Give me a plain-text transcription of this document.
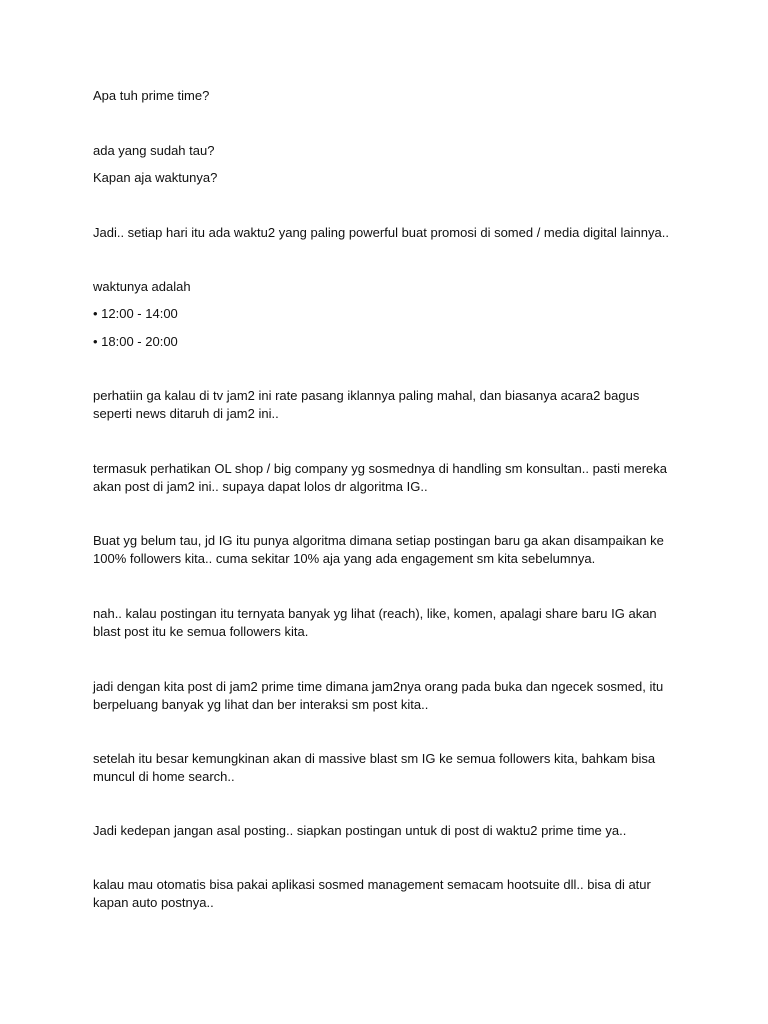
Apa tuh prime time?
ada yang sudah tau?
Kapan aja waktunya?
Jadi.. setiap hari itu ada waktu2 yang paling powerful buat promosi di somed / media digital lainnya..
waktunya adalah
• 12:00 - 14:00
• 18:00 - 20:00
perhatiin ga kalau di tv jam2 ini rate pasang iklannya paling mahal, dan biasanya acara2 bagus
seperti news ditaruh di jam2 ini..
termasuk perhatikan OL shop / big company yg sosmednya di handling sm konsultan.. pasti mereka
akan post di jam2 ini.. supaya dapat lolos dr algoritma IG..
Buat yg belum tau, jd IG itu punya algoritma dimana setiap postingan baru ga akan disampaikan ke
100% followers kita.. cuma sekitar 10% aja yang ada engagement sm kita sebelumnya.
nah.. kalau postingan itu ternyata banyak yg lihat (reach), like, komen, apalagi share baru IG akan
blast post itu ke semua followers kita.
jadi dengan kita post di jam2 prime time dimana jam2nya orang pada buka dan ngecek sosmed, itu
berpeluang banyak yg lihat dan ber interaksi sm post kita..
setelah itu besar kemungkinan akan di massive blast sm IG ke semua followers kita, bahkam bisa
muncul di home search..
Jadi kedepan jangan asal posting.. siapkan postingan untuk di post di waktu2 prime time ya..
kalau mau otomatis bisa pakai aplikasi sosmed management semacam hootsuite dll.. bisa di atur
kapan auto postnya..
